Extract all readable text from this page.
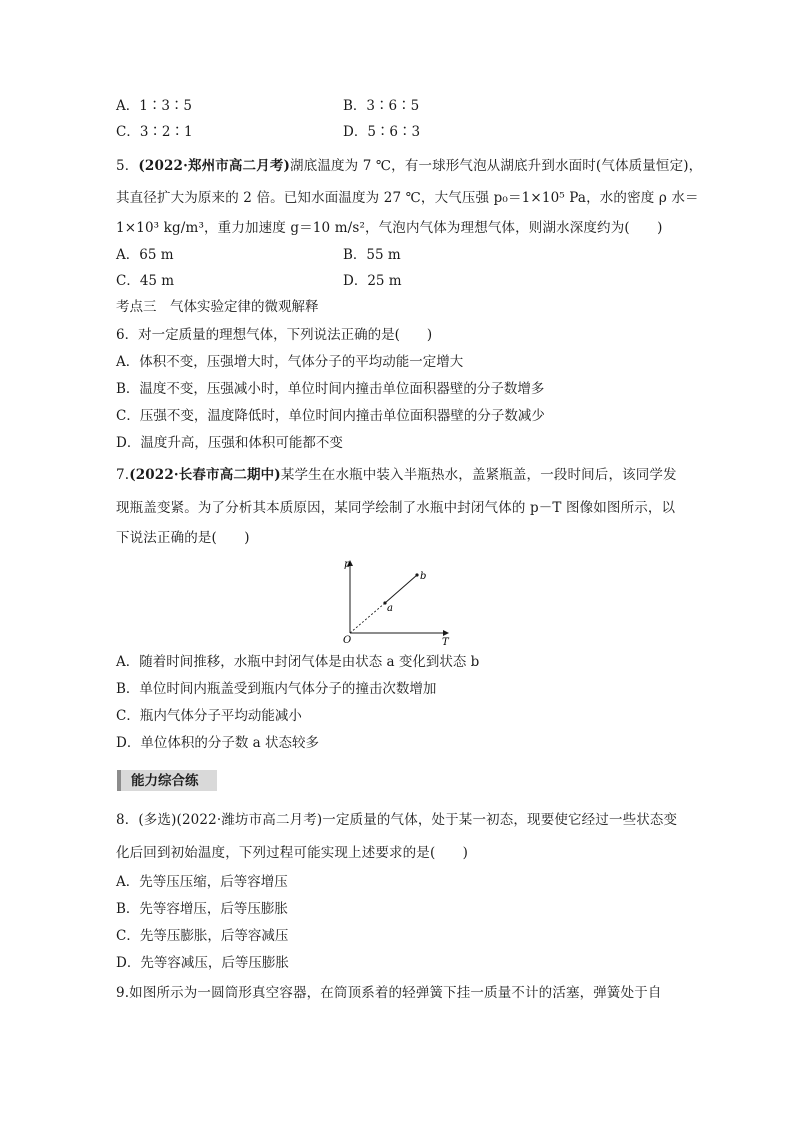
A．1∶3∶5	B．3∶6∶5
C．3∶2∶1	D．5∶6∶3
5．(2022·郑州市高二月考)湖底温度为 7 ℃，有一球形气泡从湖底升到水面时(气体质量恒定)，
其直径扩大为原来的 2 倍。已知水面温度为 27 ℃，大气压强 p₀＝1×10⁵ Pa，水的密度 ρ 水＝
1×10³ kg/m³，重力加速度 g＝10 m/s²，气泡内气体为理想气体，则湖水深度约为(　　)
A．65 m	B．55 m
C．45 m	D．25 m
考点三　气体实验定律的微观解释
6．对一定质量的理想气体，下列说法正确的是(　　)
A．体积不变，压强增大时，气体分子的平均动能一定增大
B．温度不变，压强减小时，单位时间内撞击单位面积器壁的分子数增多
C．压强不变，温度降低时，单位时间内撞击单位面积器壁的分子数减少
D．温度升高，压强和体积可能都不变
7.(2022·长春市高二期中)某学生在水瓶中装入半瓶热水，盖紧瓶盖，一段时间后，该同学发
现瓶盖变紧。为了分析其本质原因，某同学绘制了水瓶中封闭气体的 p－T 图像如图所示，以
下说法正确的是(　　)
p
T
O
a
b
A．随着时间推移，水瓶中封闭气体是由状态 a 变化到状态 b
B．单位时间内瓶盖受到瓶内气体分子的撞击次数增加
C．瓶内气体分子平均动能减小
D．单位体积的分子数 a 状态较多
能力综合练
8．(多选)(2022·潍坊市高二月考)一定质量的气体，处于某一初态，现要使它经过一些状态变
化后回到初始温度，下列过程可能实现上述要求的是(　　)
A．先等压压缩，后等容增压
B．先等容增压，后等压膨胀
C．先等压膨胀，后等容减压
D．先等容减压，后等压膨胀
9.如图所示为一圆筒形真空容器，在筒顶系着的轻弹簧下挂一质量不计的活塞，弹簧处于自
